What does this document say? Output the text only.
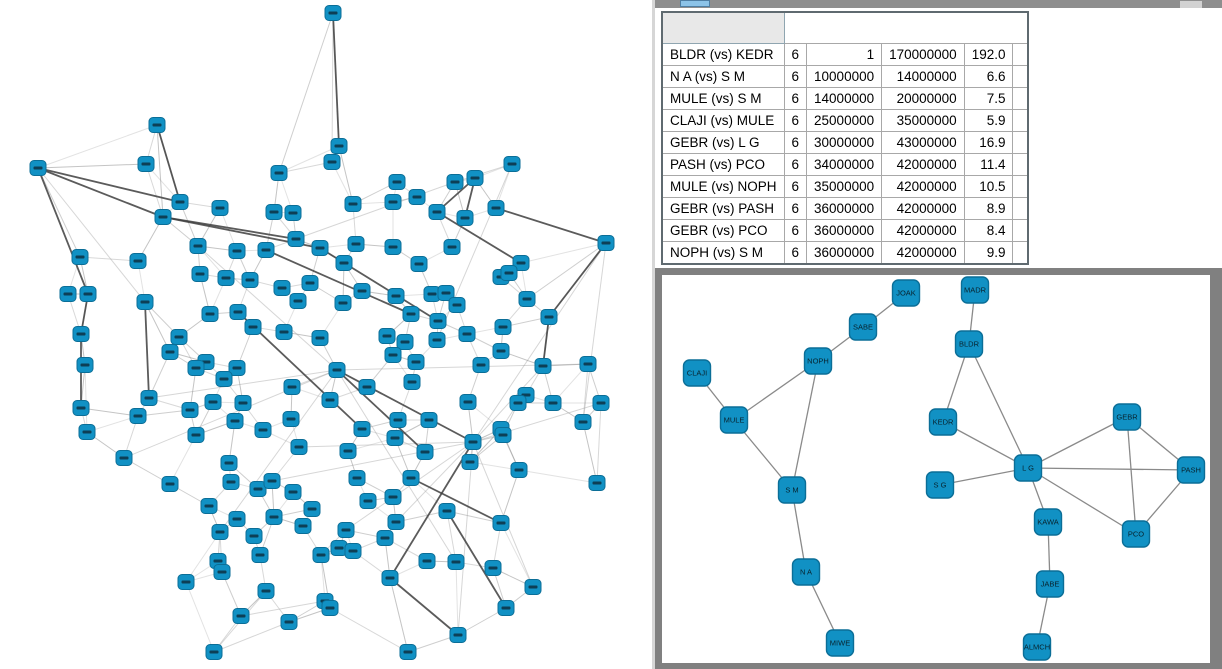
BLDR (vs) KEDR	6	1	170000000	192.0	
N A (vs) S M	6	10000000	14000000	6.6	
MULE (vs) S M	6	14000000	20000000	7.5	
CLAJI (vs) MULE	6	25000000	35000000	5.9	
GEBR (vs) L G	6	30000000	43000000	16.9	
PASH (vs) PCO	6	34000000	42000000	11.4	
MULE (vs) NOPH	6	35000000	42000000	10.5	
GEBR (vs) PASH	6	36000000	42000000	8.9	
GEBR (vs) PCO	6	36000000	42000000	8.4	
NOPH (vs) S M	6	36000000	42000000	9.9	
JOAK	MADR
SABE
NOPH
CLAJI
MULE
BLDR
KEDR
GEBR
L G
S G
PASH
S M
KAWA
PCO
N A
JABE
MIWE	ALMCH
